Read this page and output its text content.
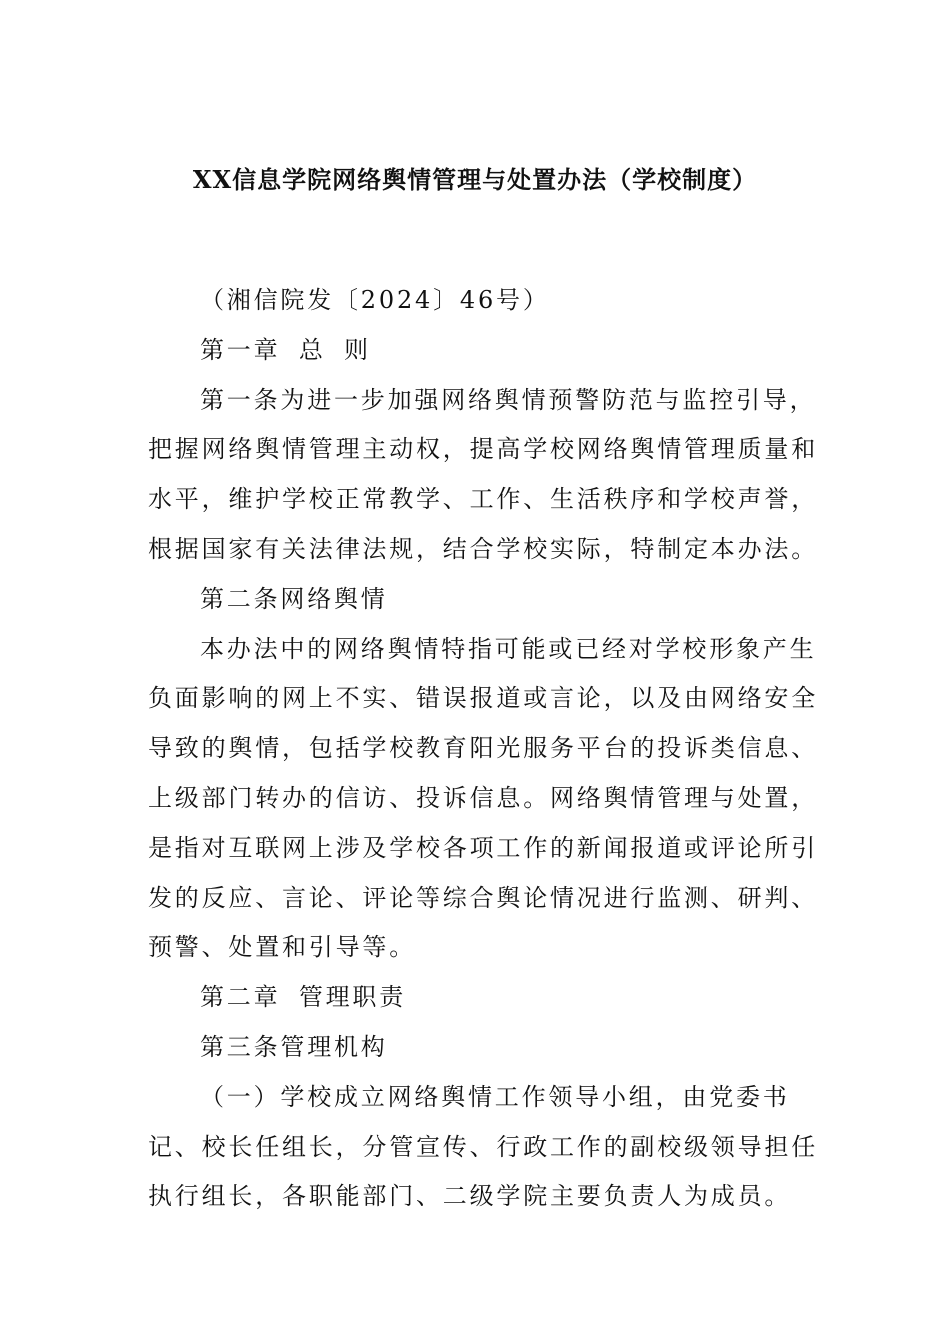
XX信息学院网络舆情管理与处置办法（学校制度）

（湘信院发〔2024〕46号）

第一章 总 则

第一条为进一步加强网络舆情预警防范与监控引导，把握网络舆情管理主动权，提高学校网络舆情管理质量和水平，维护学校正常教学、工作、生活秩序和学校声誉，根据国家有关法律法规，结合学校实际，特制定本办法。

第二条网络舆情

本办法中的网络舆情特指可能或已经对学校形象产生负面影响的网上不实、错误报道或言论，以及由网络安全导致的舆情，包括学校教育阳光服务平台的投诉类信息、上级部门转办的信访、投诉信息。网络舆情管理与处置，是指对互联网上涉及学校各项工作的新闻报道或评论所引发的反应、言论、评论等综合舆论情况进行监测、研判、预警、处置和引导等。

第二章 管理职责

第三条管理机构

（一）学校成立网络舆情工作领导小组，由党委书记、校长任组长，分管宣传、行政工作的副校级领导担任执行组长，各职能部门、二级学院主要负责人为成员。
